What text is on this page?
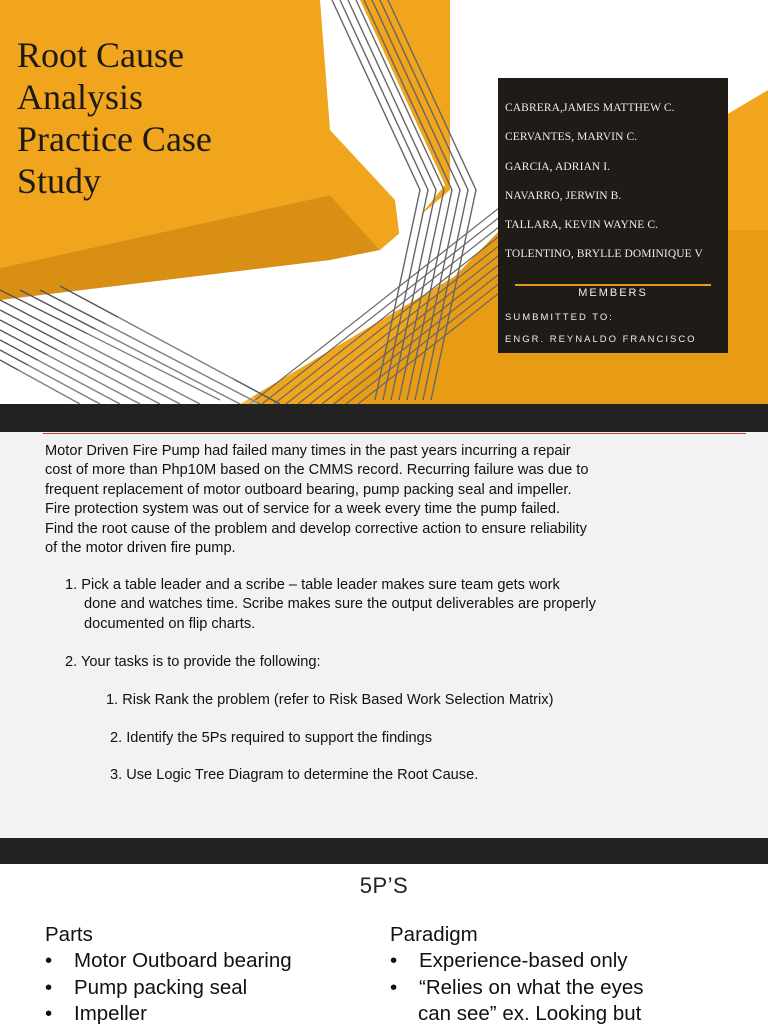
Root Cause
Analysis
Practice Case
Study
CABRERA,JAMES MATTHEW C.
CERVANTES, MARVIN C.
GARCIA, ADRIAN I.
NAVARRO, JERWIN B.
TALLARA, KEVIN WAYNE C.
TOLENTINO, BRYLLE DOMINIQUE V
MEMBERS
SUMBMITTED TO:
ENGR. REYNALDO FRANCISCO
Motor Driven Fire Pump had failed many times in the past years incurring a repair
cost of more than Php10M based on the CMMS record. Recurring failure was due to
frequent replacement of motor outboard bearing, pump packing seal and impeller.
Fire protection system was out of service for a week every time the pump failed.
Find the root cause of the problem and develop corrective action to ensure reliability
of the motor driven fire pump.
1. Pick a table leader and a scribe – table leader makes sure team gets work
done and watches time. Scribe makes sure the output deliverables are properly
documented on flip charts.
2. Your tasks is to provide the following:
1. Risk Rank the problem (refer to Risk Based Work Selection Matrix)
2. Identify the 5Ps required to support the findings
3. Use Logic Tree Diagram to determine the Root Cause.
5P’S
Parts
• Motor Outboard bearing
• Pump packing seal
• Impeller
Paradigm
• Experience-based only
• “Relies on what the eyes
can see” ex. Looking but
